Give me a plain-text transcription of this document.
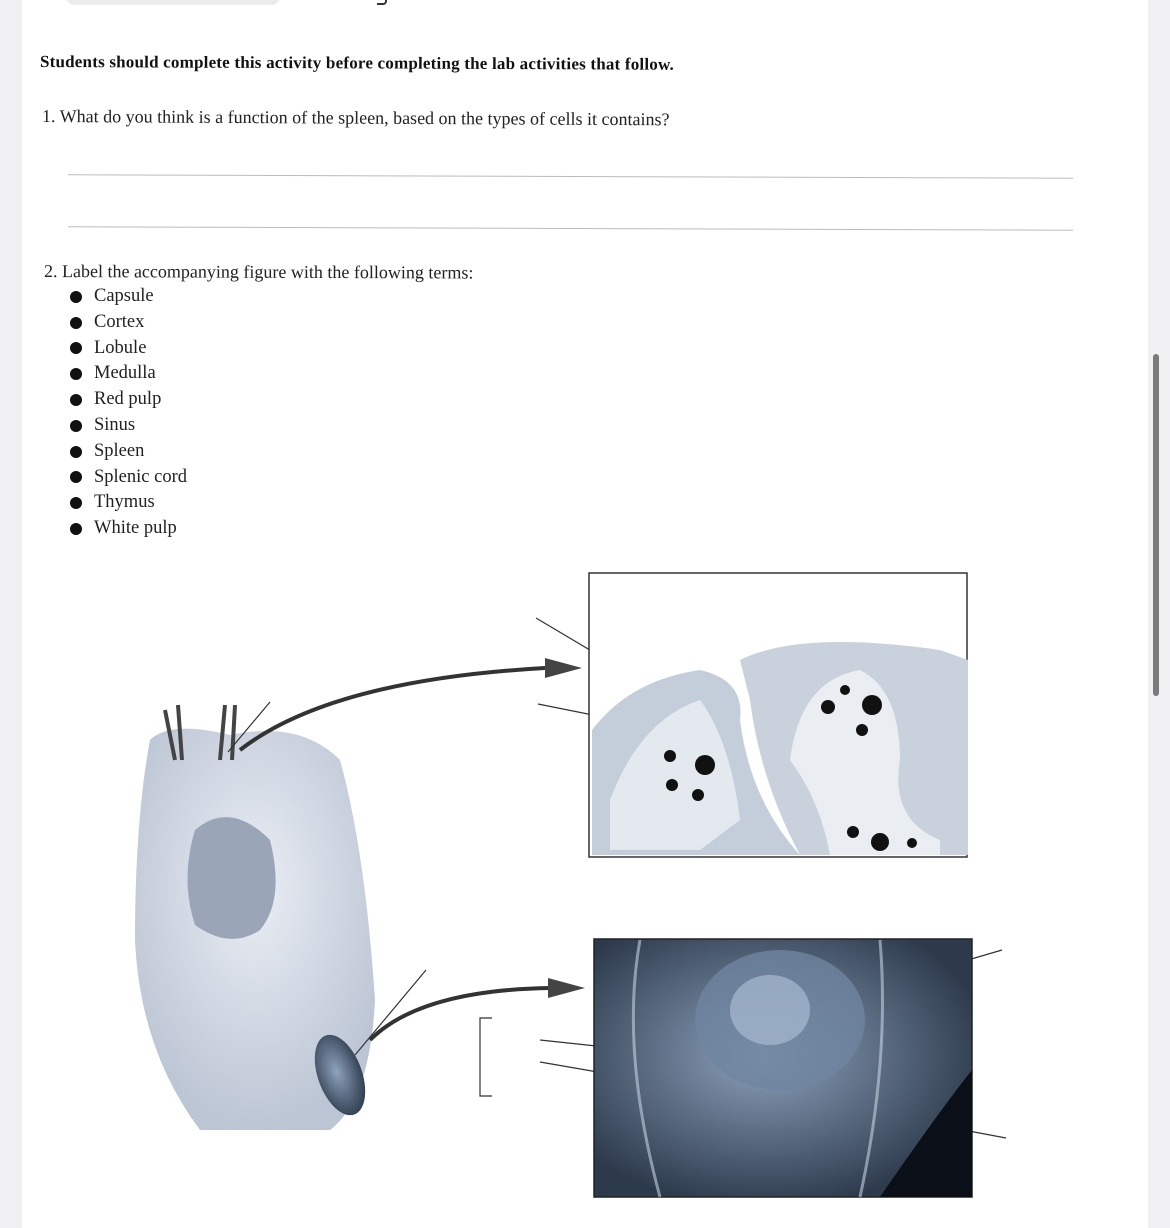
Students should complete this activity before completing the lab activities that follow.
1. What do you think is a function of the spleen, based on the types of cells it contains?
2. Label the accompanying figure with the following terms:
Capsule
Cortex
Lobule
Medulla
Red pulp
Sinus
Spleen
Splenic cord
Thymus
White pulp
